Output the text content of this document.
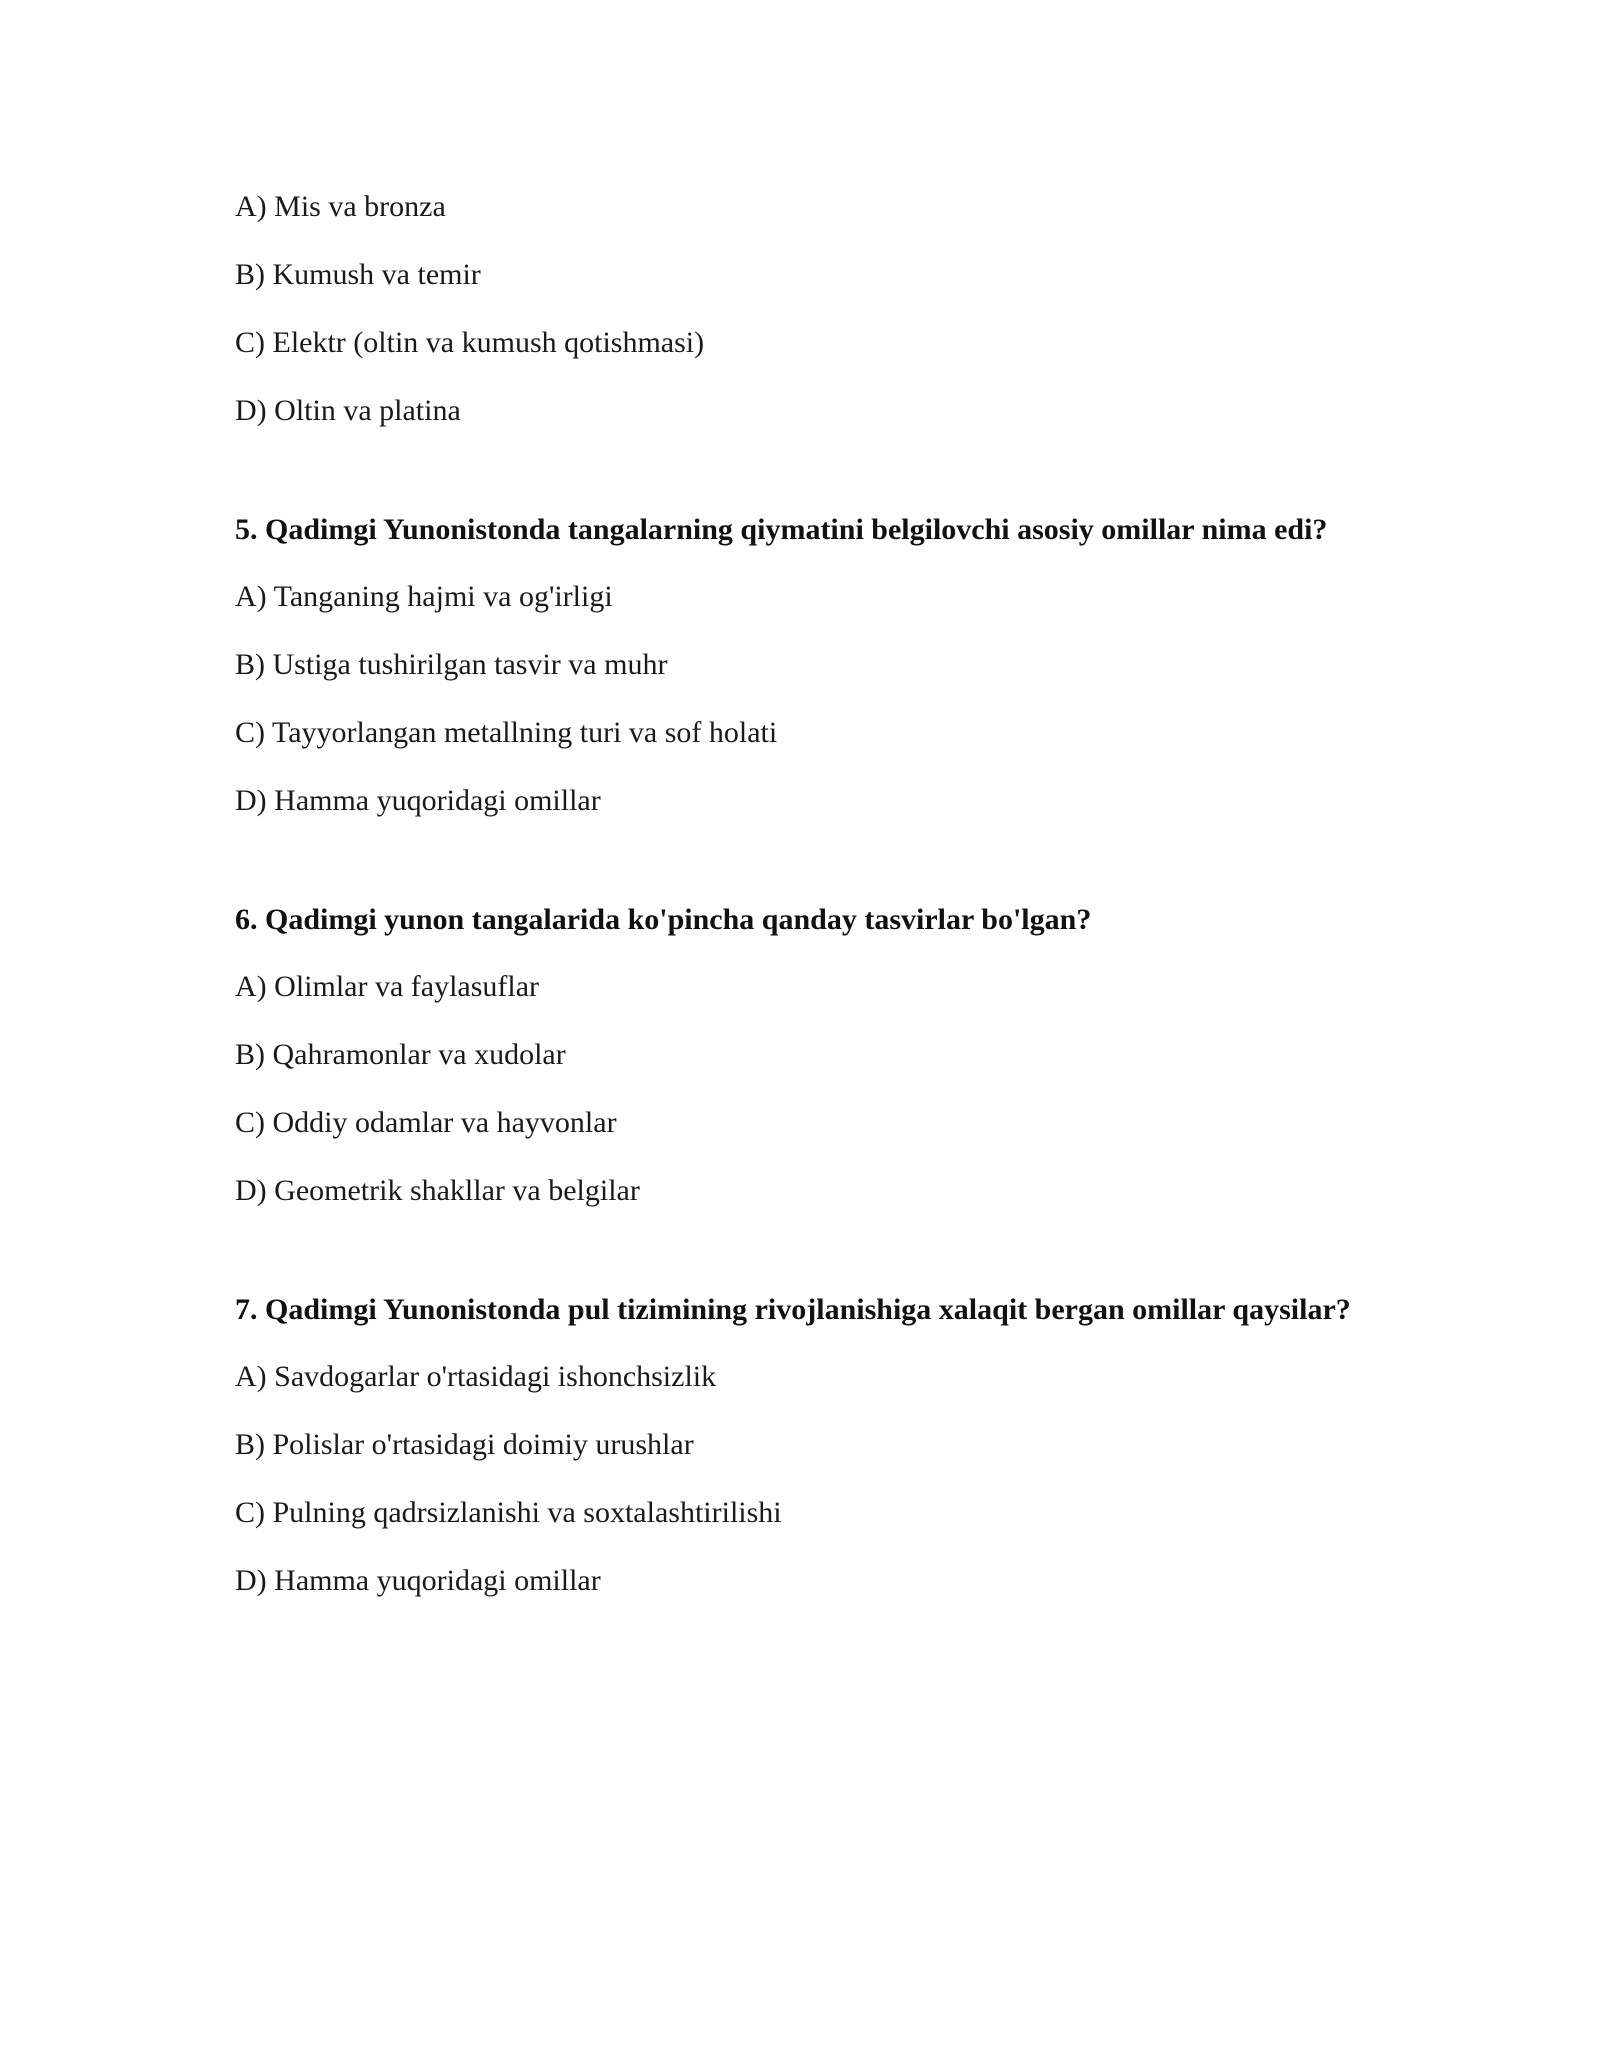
A) Mis va bronza
B) Kumush va temir
C) Elektr (oltin va kumush qotishmasi)
D) Oltin va platina
5. Qadimgi Yunonistonda tangalarning qiymatini belgilovchi asosiy omillar nima edi?
A) Tanganing hajmi va og'irligi
B) Ustiga tushirilgan tasvir va muhr
C) Tayyorlangan metallning turi va sof holati
D) Hamma yuqoridagi omillar
6. Qadimgi yunon tangalarida ko'pincha qanday tasvirlar bo'lgan?
A) Olimlar va faylasuflar
B) Qahramonlar va xudolar
C) Oddiy odamlar va hayvonlar
D) Geometrik shakllar va belgilar
7. Qadimgi Yunonistonda pul tizimining rivojlanishiga xalaqit bergan omillar qaysilar?
A) Savdogarlar o'rtasidagi ishonchsizlik
B) Polislar o'rtasidagi doimiy urushlar
C) Pulning qadrsizlanishi va soxtalashtirilishi
D) Hamma yuqoridagi omillar
